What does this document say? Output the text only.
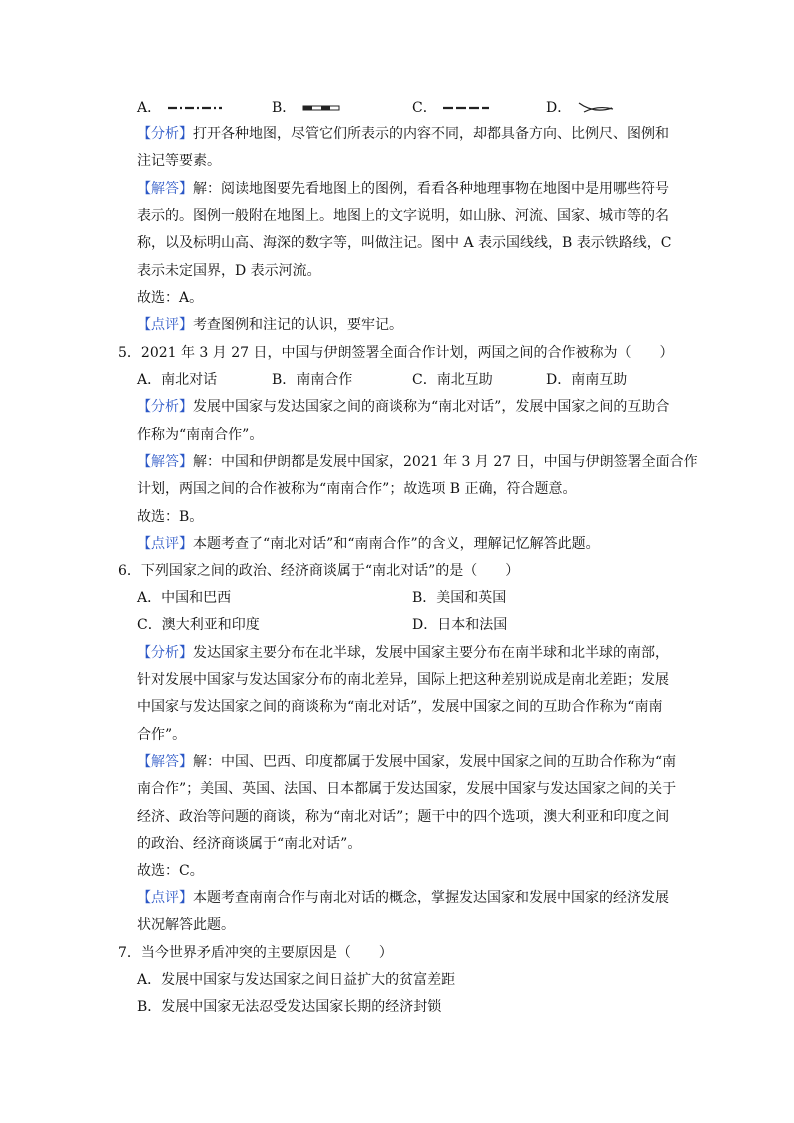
A．	B．	C．	D．
【分析】打开各种地图，尽管它们所表示的内容不同，却都具备方向、比例尺、图例和
注记等要素。
【解答】解：阅读地图要先看地图上的图例，看看各种地理事物在地图中是用哪些符号
表示的。图例一般附在地图上。地图上的文字说明，如山脉、河流、国家、城市等的名
称，以及标明山高、海深的数字等，叫做注记。图中 A 表示国线线，B 表示铁路线，C
表示未定国界，D 表示河流。
故选：A。
【点评】考查图例和注记的认识，要牢记。
5．2021 年 3 月 27 日，中国与伊朗签署全面合作计划，两国之间的合作被称为（　　）
A．南北对话	B．南南合作	C．南北互助	D．南南互助
【分析】发展中国家与发达国家之间的商谈称为“南北对话”，发展中国家之间的互助合
作称为“南南合作”。
【解答】解：中国和伊朗都是发展中国家，2021 年 3 月 27 日，中国与伊朗签署全面合作
计划，两国之间的合作被称为“南南合作”；故选项 B 正确，符合题意。
故选：B。
【点评】本题考查了“南北对话”和“南南合作”的含义，理解记忆解答此题。
6．下列国家之间的政治、经济商谈属于“南北对话”的是（　　）
A．中国和巴西	B．美国和英国
C．澳大利亚和印度	D．日本和法国
【分析】发达国家主要分布在北半球，发展中国家主要分布在南半球和北半球的南部，
针对发展中国家与发达国家分布的南北差异，国际上把这种差别说成是南北差距；发展
中国家与发达国家之间的商谈称为“南北对话”，发展中国家之间的互助合作称为“南南
合作”。
【解答】解：中国、巴西、印度都属于发展中国家，发展中国家之间的互助合作称为“南
南合作”；美国、英国、法国、日本都属于发达国家，发展中国家与发达国家之间的关于
经济、政治等问题的商谈，称为“南北对话”；题干中的四个选项，澳大利亚和印度之间
的政治、经济商谈属于“南北对话”。
故选：C。
【点评】本题考查南南合作与南北对话的概念，掌握发达国家和发展中国家的经济发展
状况解答此题。
7．当今世界矛盾冲突的主要原因是（　　）
A．发展中国家与发达国家之间日益扩大的贫富差距
B．发展中国家无法忍受发达国家长期的经济封锁
